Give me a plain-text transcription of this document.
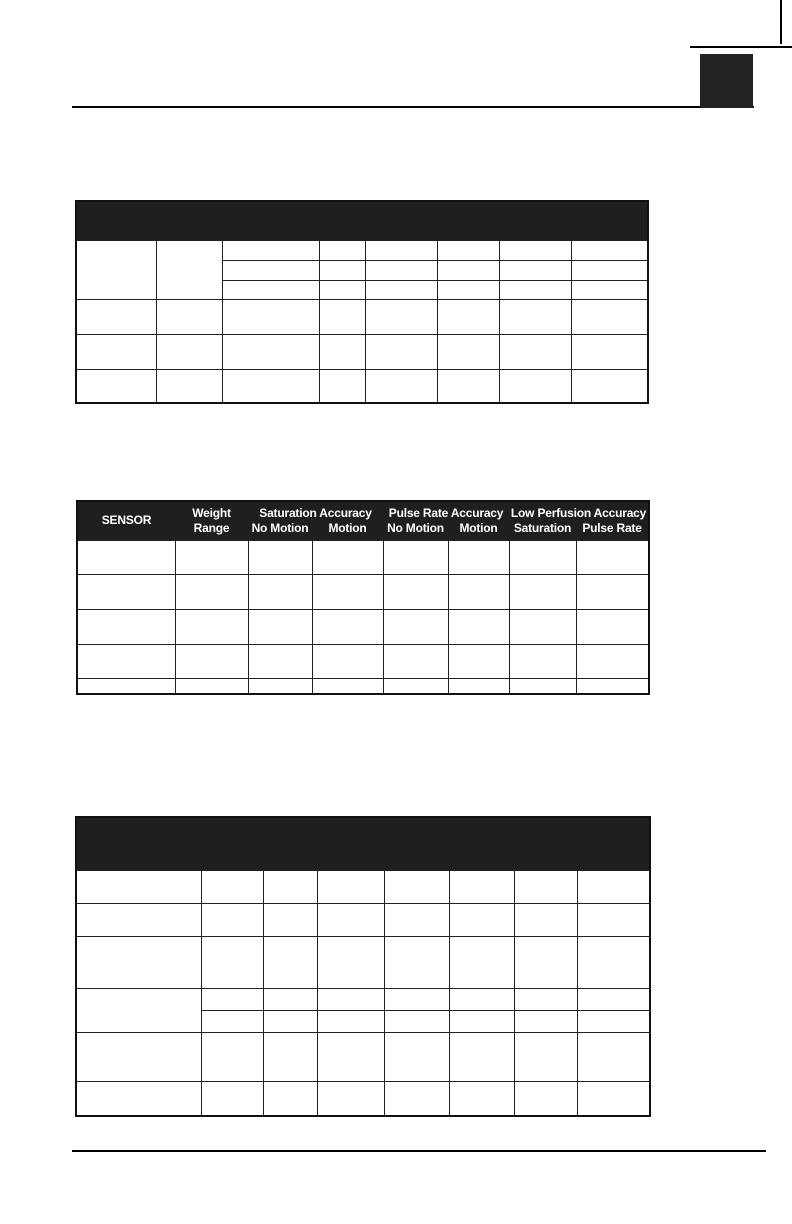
SENSOR	Weight	Saturation Accuracy		Pulse Rate Accuracy		Low Perfusion Accuracy	
	Range	No Motion	Motion	No Motion	Motion	Saturation	Pulse Rate
